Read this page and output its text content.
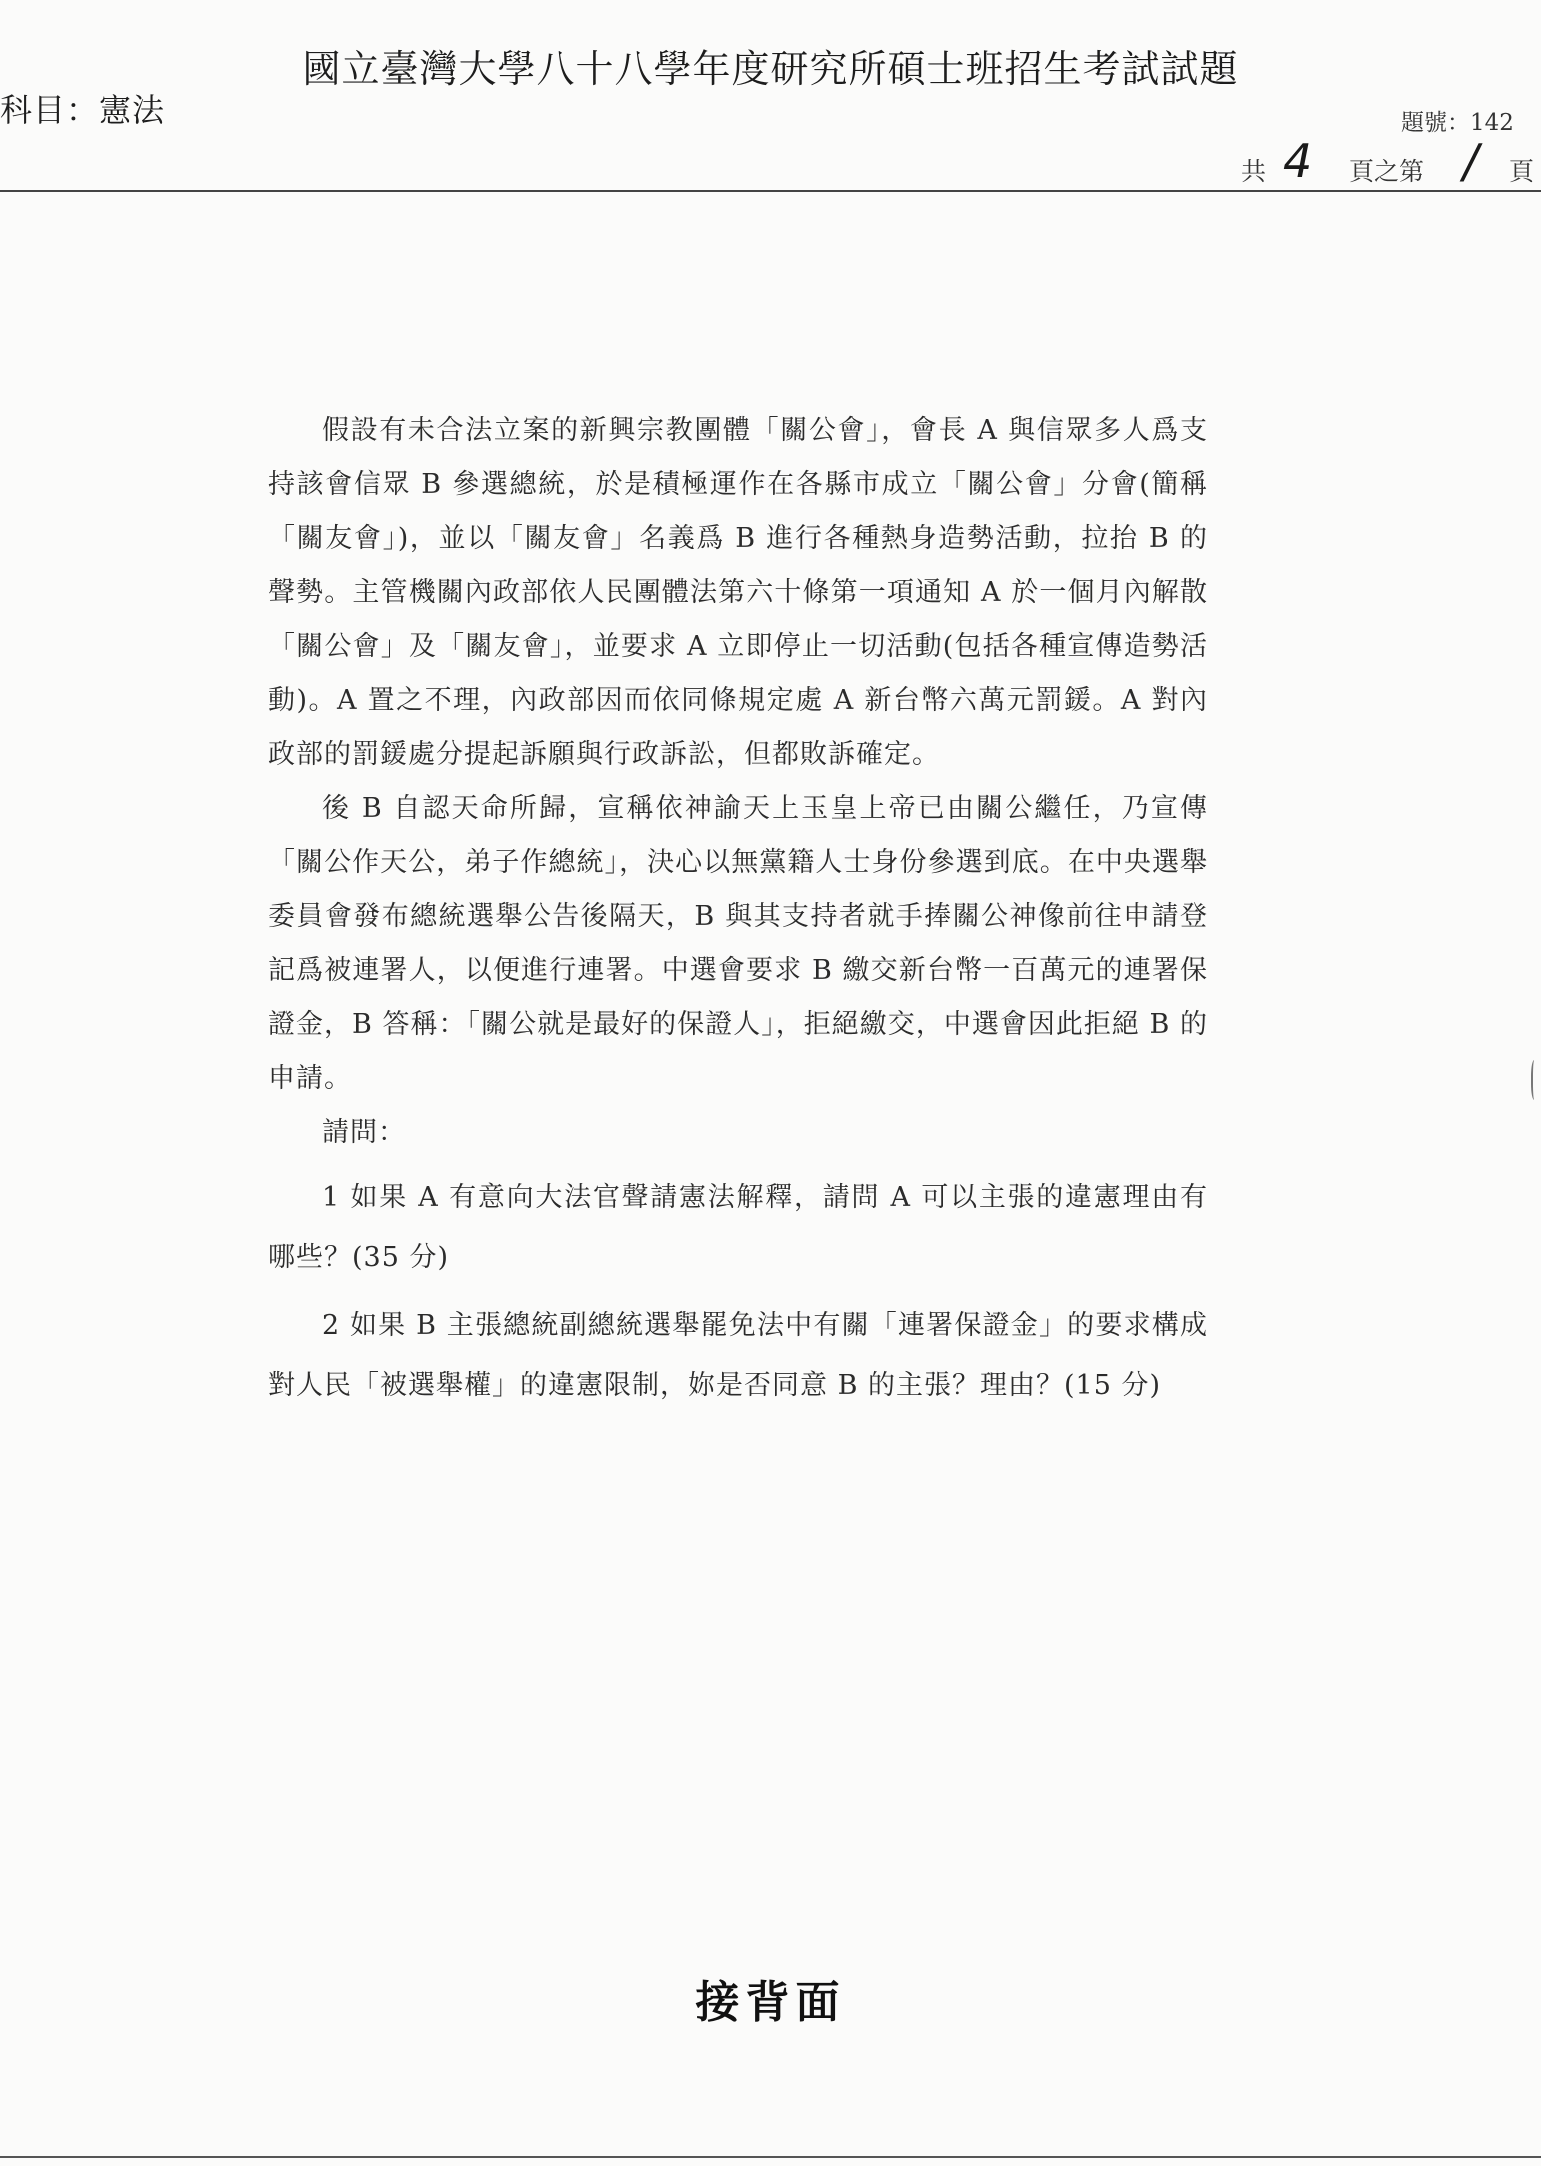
國立臺灣大學八十八學年度研究所碩士班招生考試試題
科目：憲法	題號：142
共 4 頁之第 / 頁

假設有未合法立案的新興宗教團體「關公會」，會長 A 與信眾多人爲支持該會信眾 B 參選總統，於是積極運作在各縣市成立「關公會」分會(簡稱「關友會」)，並以「關友會」名義爲 B 進行各種熱身造勢活動，拉抬 B 的聲勢。主管機關內政部依人民團體法第六十條第一項通知 A 於一個月內解散「關公會」及「關友會」，並要求 A 立即停止一切活動(包括各種宣傳造勢活動)。A 置之不理，內政部因而依同條規定處 A 新台幣六萬元罰鍰。A 對內政部的罰鍰處分提起訴願與行政訴訟，但都敗訴確定。

後 B 自認天命所歸，宣稱依神諭天上玉皇上帝已由關公繼任，乃宣傳「關公作天公，弟子作總統」，決心以無黨籍人士身份參選到底。在中央選舉委員會發布總統選舉公告後隔天，B 與其支持者就手捧關公神像前往申請登記爲被連署人，以便進行連署。中選會要求 B 繳交新台幣一百萬元的連署保證金，B 答稱：「關公就是最好的保證人」，拒絕繳交，中選會因此拒絕 B 的申請。

請問：

1 如果 A 有意向大法官聲請憲法解釋，請問 A 可以主張的違憲理由有哪些？(35 分)

2 如果 B 主張總統副總統選舉罷免法中有關「連署保證金」的要求構成對人民「被選舉權」的違憲限制，妳是否同意 B 的主張？理由？(15 分)

接背面
